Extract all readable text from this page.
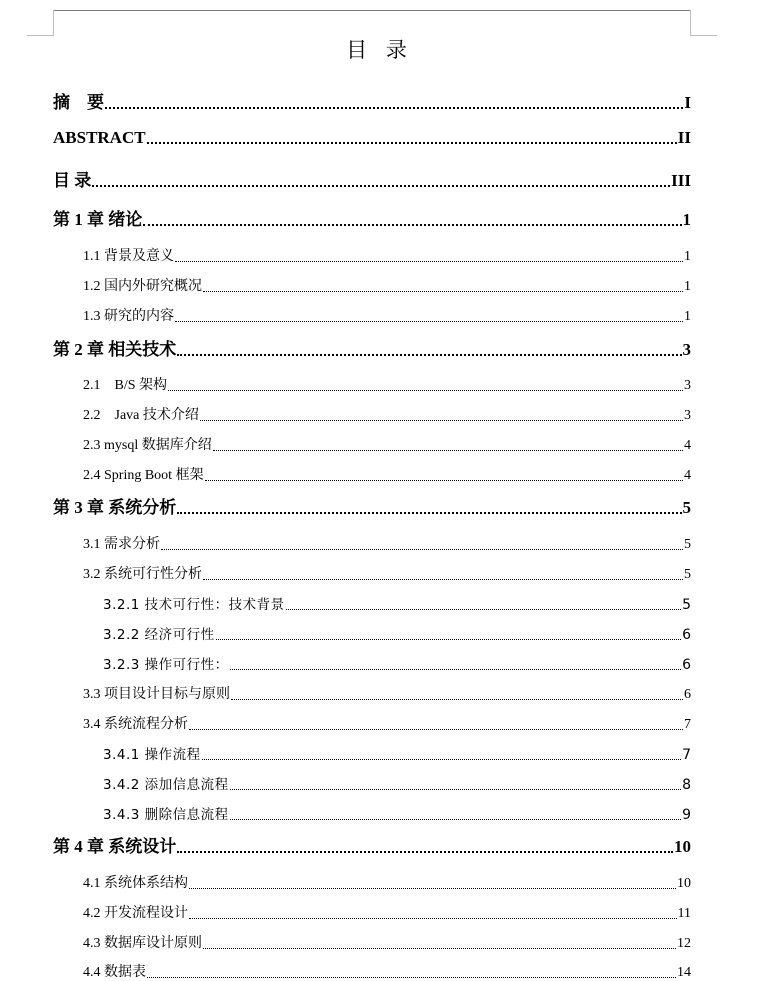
目 录
摘　要	I
ABSTRACT	II
目 录	III
第 1 章 绪论	1
1.1 背景及意义	1
1.2 国内外研究概况	1
1.3 研究的内容	1
第 2 章 相关技术	3
2.1    B/S 架构	3
2.2    Java 技术介绍	3
2.3 mysql 数据库介绍	4
2.4 Spring Boot 框架	4
第 3 章 系统分析	5
3.1 需求分析	5
3.2 系统可行性分析	5
3.2.1 技术可行性：技术背景	5
3.2.2 经济可行性	6
3.2.3 操作可行性：	6
3.3 项目设计目标与原则	6
3.4 系统流程分析	7
3.4.1 操作流程	7
3.4.2 添加信息流程	8
3.4.3 删除信息流程	9
第 4 章 系统设计	10
4.1 系统体系结构	10
4.2 开发流程设计	11
4.3 数据库设计原则	12
4.4 数据表	14
